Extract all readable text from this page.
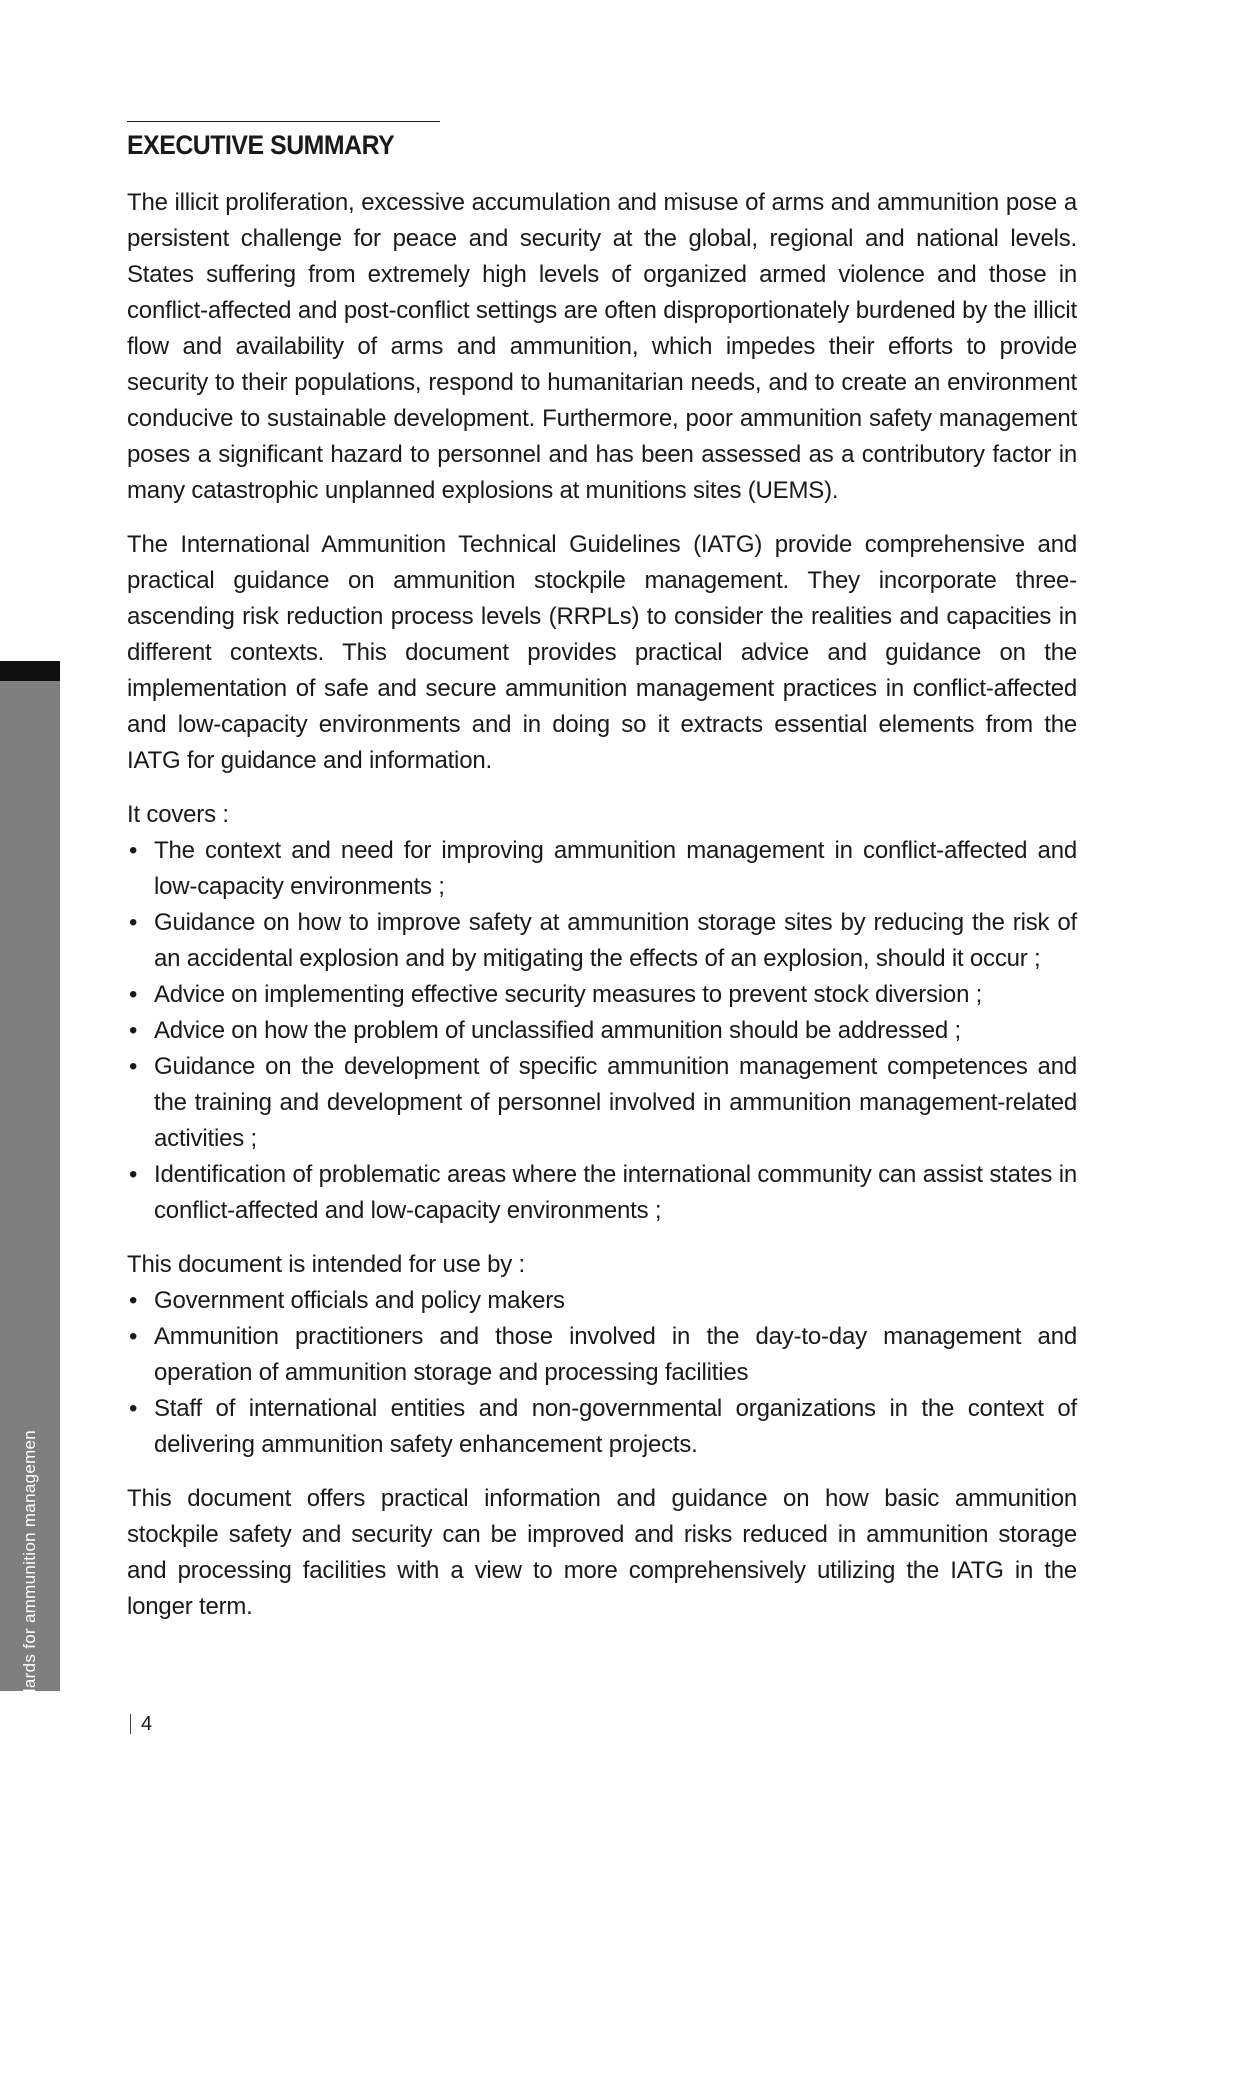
A guide to developing national standards for ammunition managemen
EXECUTIVE SUMMARY

The illicit proliferation, excessive accumulation and misuse of arms and ammunition pose a persistent challenge for peace and security at the global, regional and national levels. States suffering from extremely high levels of organized armed violence and those in conflict-affected and post-conflict settings are often disproportionately burdened by the illicit flow and availability of arms and ammunition, which impedes their efforts to provide security to their populations, respond to humanitarian needs, and to create an environment conducive to sustainable development. Furthermore, poor ammunition safety management poses a significant hazard to personnel and has been assessed as a contributory factor in many catastrophic unplanned explosions at munitions sites (UEMS).

The International Ammunition Technical Guidelines (IATG) provide comprehensive and practical guidance on ammunition stockpile management. They incorporate three-ascending risk reduction process levels (RRPLs) to consider the realities and capacities in different contexts. This document provides practical advice and guidance on the implementation of safe and secure ammunition management practices in conflict-affected and low-capacity environments and in doing so it extracts essential elements from the IATG for guidance and information.

It covers :

• The context and need for improving ammunition management in conflict-affected and low-capacity environments ;
• Guidance on how to improve safety at ammunition storage sites by reducing the risk of an accidental explosion and by mitigating the effects of an explosion, should it occur ;
• Advice on implementing effective security measures to prevent stock diversion ;
• Advice on how the problem of unclassified ammunition should be addressed ;
• Guidance on the development of specific ammunition management competences and the training and development of personnel involved in ammunition management-related activities ;
• Identification of problematic areas where the international community can assist states in conflict-affected and low-capacity environments ;

This document is intended for use by :

• Government officials and policy makers
• Ammunition practitioners and those involved in the day-to-day management and operation of ammunition storage and processing facilities
• Staff of international entities and non-governmental organizations in the context of delivering ammunition safety enhancement projects.

This document offers practical information and guidance on how basic ammunition stockpile safety and security can be improved and risks reduced in ammunition storage and processing facilities with a view to more comprehensively utilizing the IATG in the longer term.

4
